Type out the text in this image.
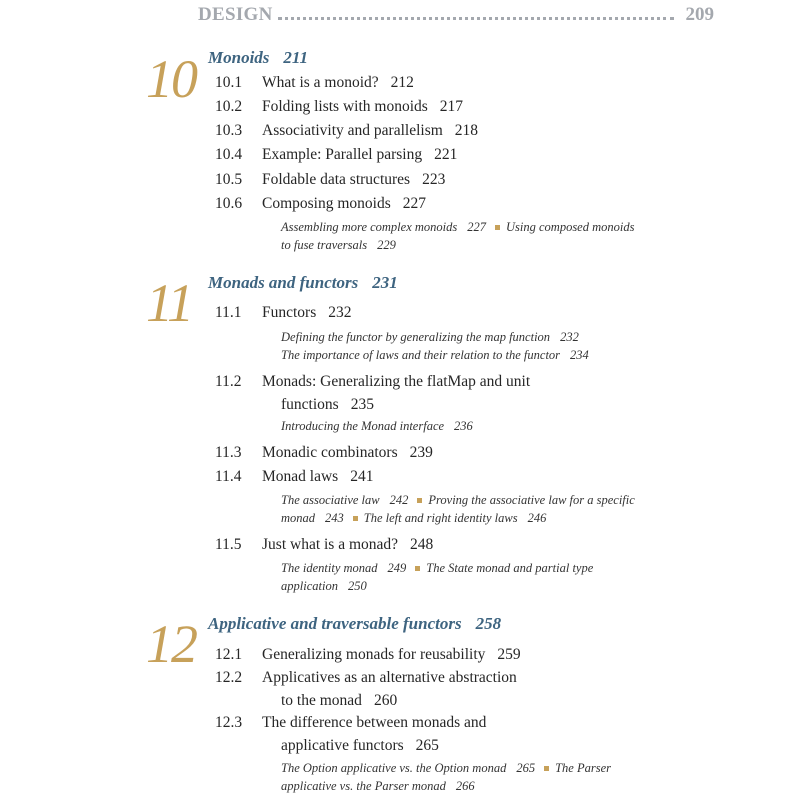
DESIGN	209
10 Monoids 211
10.1 What is a monoid? 212
10.2 Folding lists with monoids 217
10.3 Associativity and parallelism 218
10.4 Example: Parallel parsing 221
10.5 Foldable data structures 223
10.6 Composing monoids 227
Assembling more complex monoids 227 Using composed monoids
to fuse traversals 229
11 Monads and functors 231
11.1 Functors 232
Defining the functor by generalizing the map function 232
The importance of laws and their relation to the functor 234
11.2 Monads: Generalizing the flatMap and unit
functions 235
Introducing the Monad interface 236
11.3 Monadic combinators 239
11.4 Monad laws 241
The associative law 242 Proving the associative law for a specific
monad 243 The left and right identity laws 246
11.5 Just what is a monad? 248
The identity monad 249 The State monad and partial type
application 250
12 Applicative and traversable functors 258
12.1 Generalizing monads for reusability 259
12.2 Applicatives as an alternative abstraction
to the monad 260
12.3 The difference between monads and
applicative functors 265
The Option applicative vs. the Option monad 265 The Parser
applicative vs. the Parser monad 266
